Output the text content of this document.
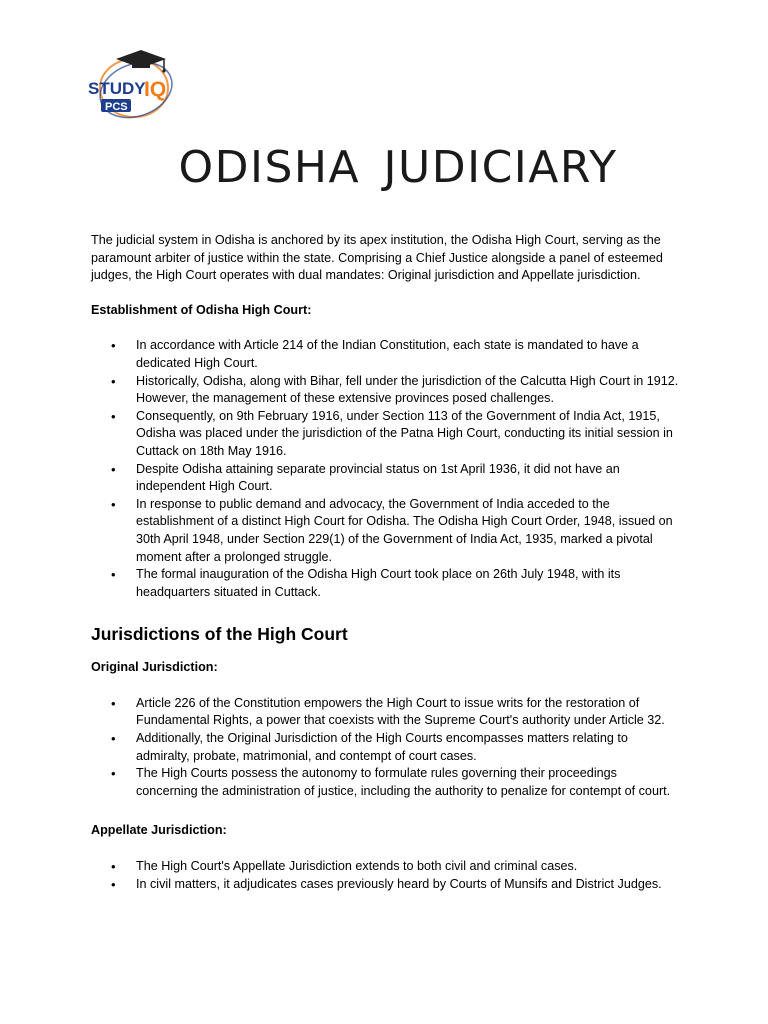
STUDY
IQ
PCS
ODISHA JUDICIARY

The judicial system in Odisha is anchored by its apex institution, the Odisha High Court, serving as the paramount arbiter of justice within the state. Comprising a Chief Justice alongside a panel of esteemed judges, the High Court operates with dual mandates: Original jurisdiction and Appellate jurisdiction.

Establishment of Odisha High Court:

• In accordance with Article 214 of the Indian Constitution, each state is mandated to have a dedicated High Court.
• Historically, Odisha, along with Bihar, fell under the jurisdiction of the Calcutta High Court in 1912. However, the management of these extensive provinces posed challenges.
• Consequently, on 9th February 1916, under Section 113 of the Government of India Act, 1915, Odisha was placed under the jurisdiction of the Patna High Court, conducting its initial session in Cuttack on 18th May 1916.
• Despite Odisha attaining separate provincial status on 1st April 1936, it did not have an independent High Court.
• In response to public demand and advocacy, the Government of India acceded to the establishment of a distinct High Court for Odisha. The Odisha High Court Order, 1948, issued on 30th April 1948, under Section 229(1) of the Government of India Act, 1935, marked a pivotal moment after a prolonged struggle.
• The formal inauguration of the Odisha High Court took place on 26th July 1948, with its headquarters situated in Cuttack.

Jurisdictions of the High Court

Original Jurisdiction:

• Article 226 of the Constitution empowers the High Court to issue writs for the restoration of Fundamental Rights, a power that coexists with the Supreme Court's authority under Article 32.
• Additionally, the Original Jurisdiction of the High Courts encompasses matters relating to admiralty, probate, matrimonial, and contempt of court cases.
• The High Courts possess the autonomy to formulate rules governing their proceedings concerning the administration of justice, including the authority to penalize for contempt of court.

Appellate Jurisdiction:

• The High Court's Appellate Jurisdiction extends to both civil and criminal cases.
• In civil matters, it adjudicates cases previously heard by Courts of Munsifs and District Judges.
